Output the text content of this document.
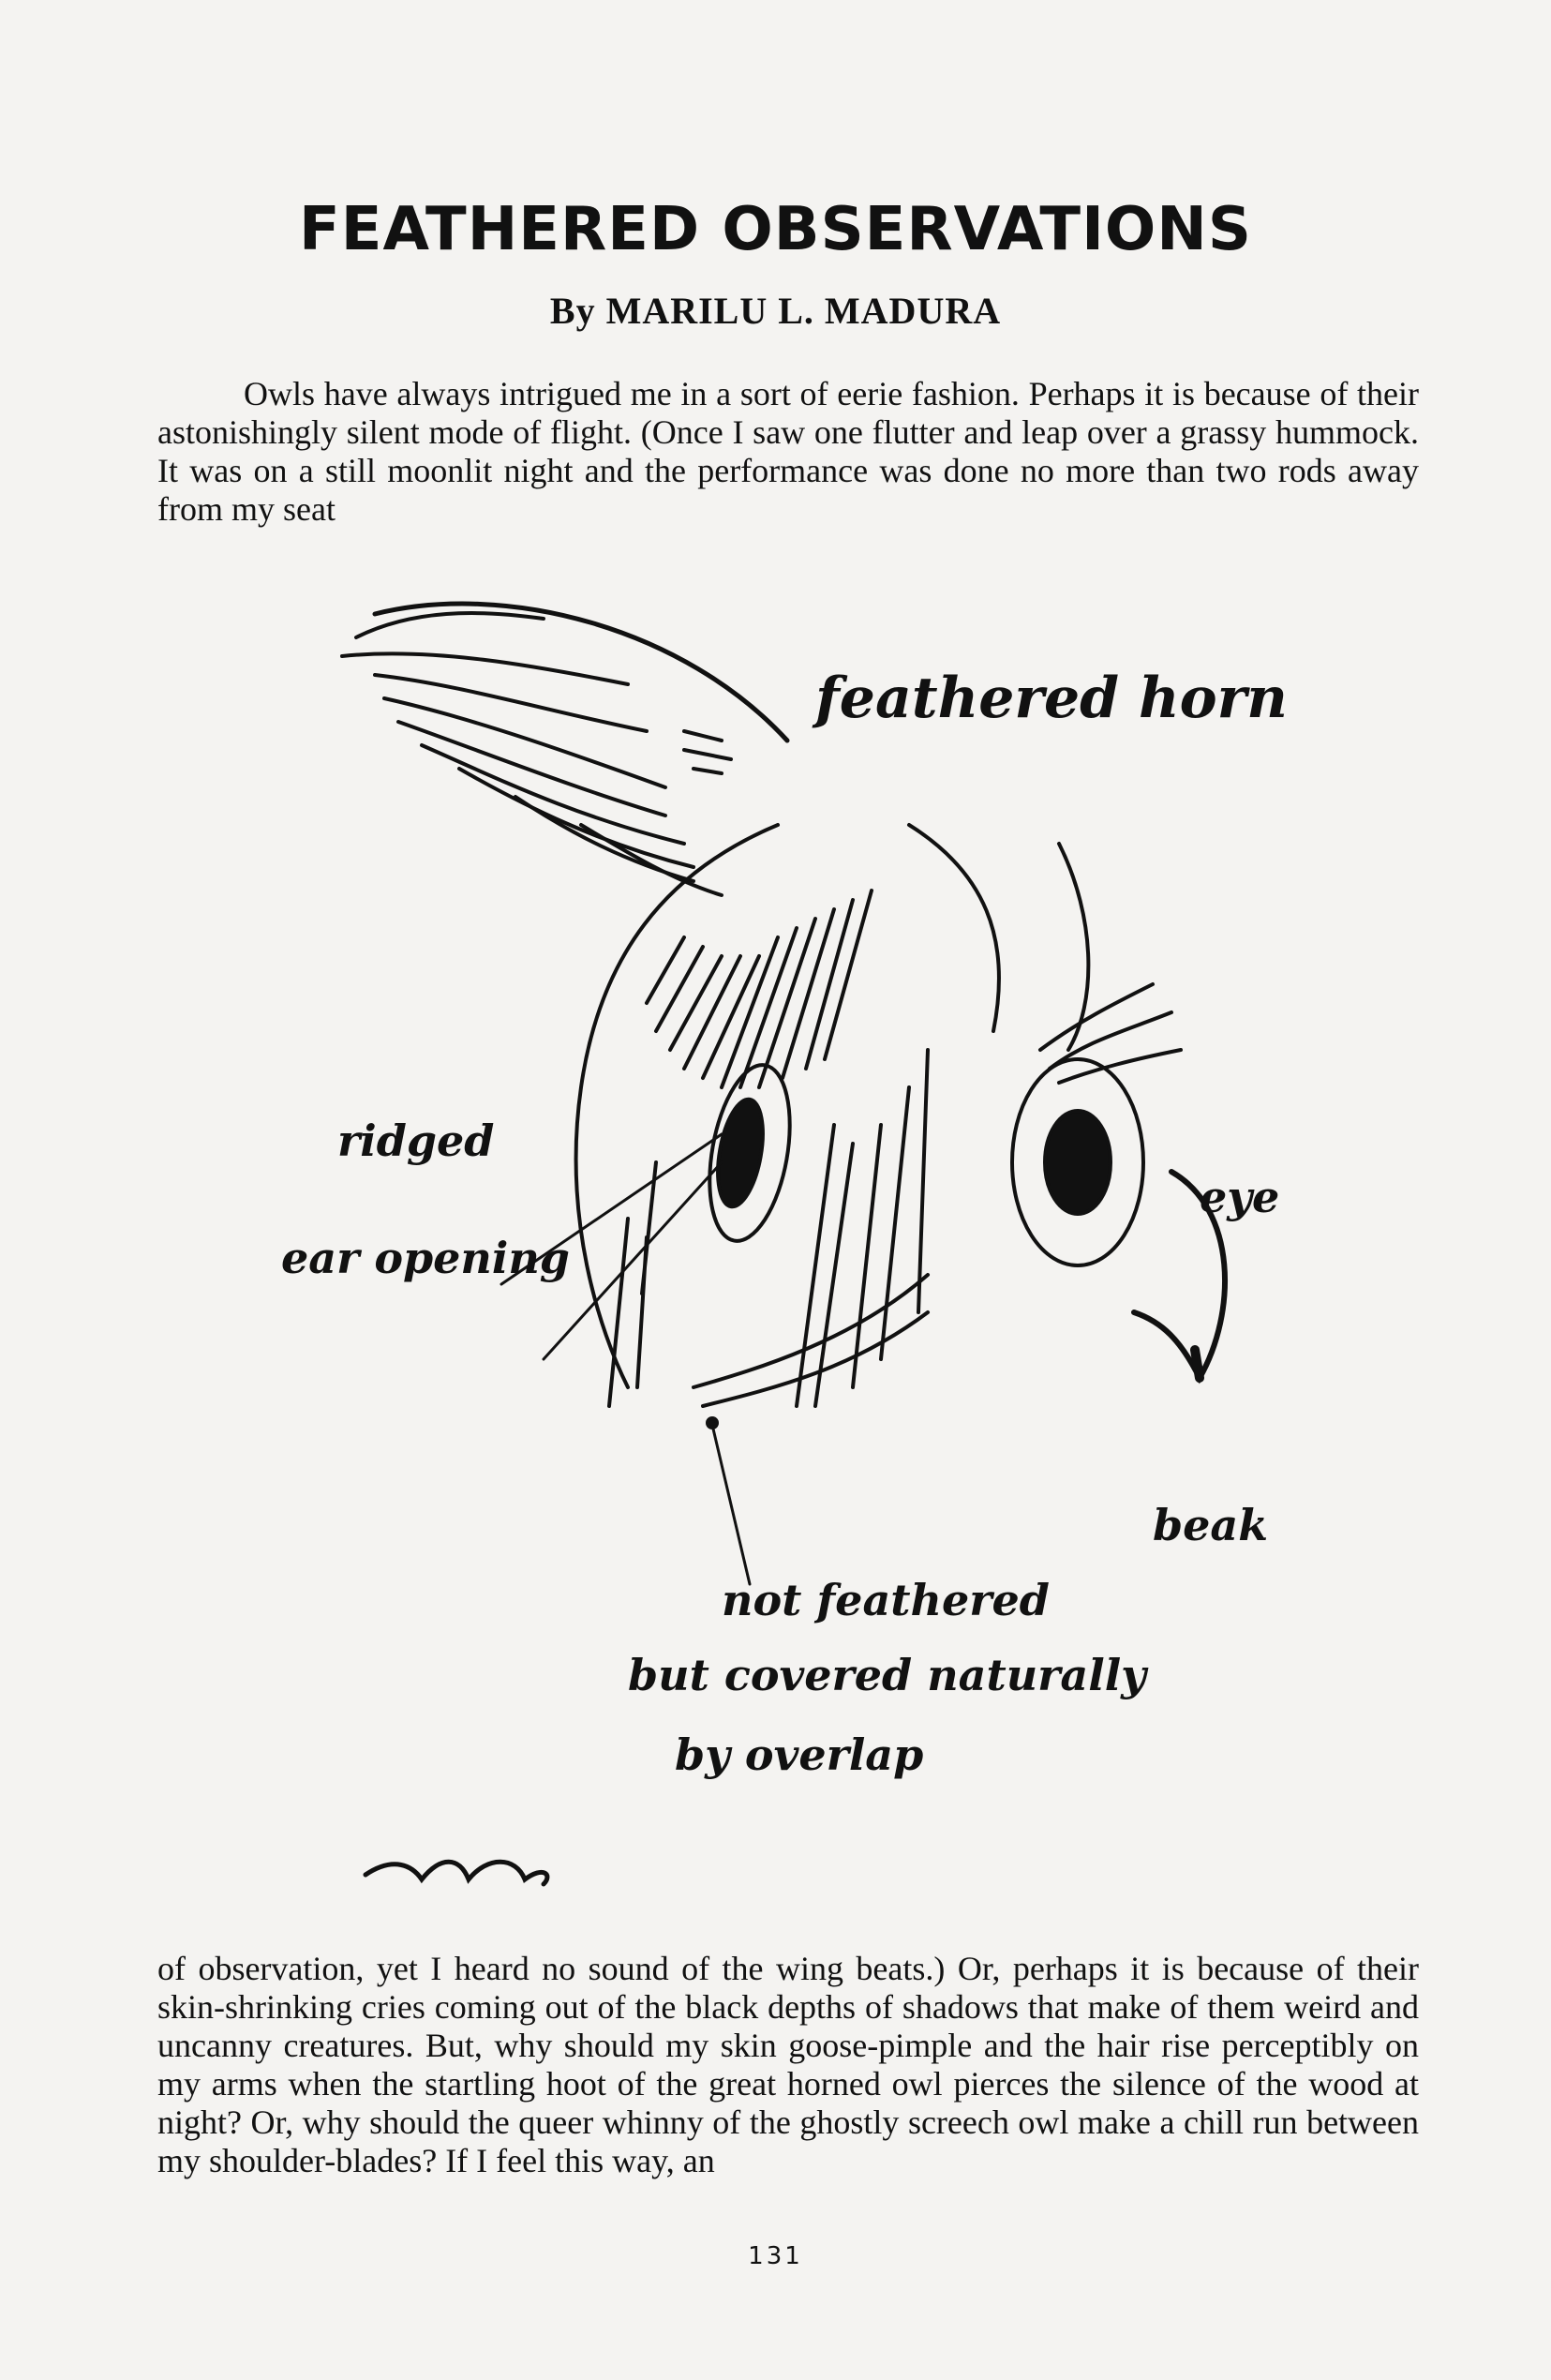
FEATHERED OBSERVATIONS
By MARILU L. MADURA
Owls have always intrigued me in a sort of eerie fashion. Perhaps it is because of their astonishingly silent mode of flight. (Once I saw one flutter and leap over a grassy hummock. It was on a still moonlit night and the performance was done no more than two rods away from my seat
feathered horn
ridged
ear opening
eye
beak
not feathered
but covered naturally
by overlap
of observation, yet I heard no sound of the wing beats.) Or, perhaps it is because of their skin-shrinking cries coming out of the black depths of shadows that make of them weird and uncanny creatures. But, why should my skin goose-pimple and the hair rise perceptibly on my arms when the startling hoot of the great horned owl pierces the silence of the wood at night? Or, why should the queer whinny of the ghostly screech owl make a chill run between my shoulder-blades? If I feel this way, an
131
